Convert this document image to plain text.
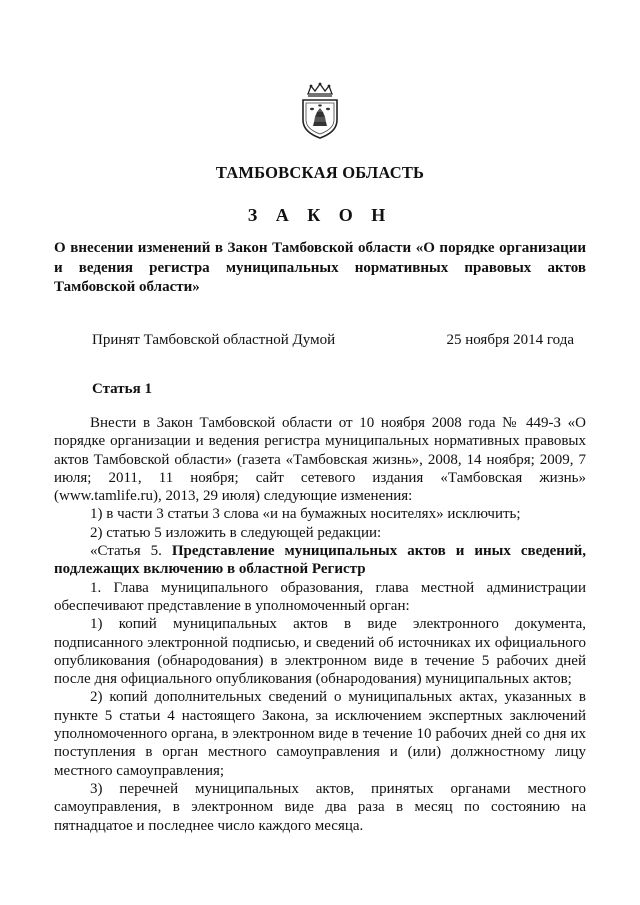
ТАМБОВСКАЯ ОБЛАСТЬ
З А К О Н
О внесении изменений в Закон Тамбовской области «О порядке организации и ведения регистра муниципальных нормативных правовых актов Тамбовской области»
Принят Тамбовской областной Думой	25 ноября 2014 года
Статья 1

Внести в Закон Тамбовской области от 10 ноября 2008 года № 449-З «О порядке организации и ведения регистра муниципальных нормативных правовых актов Тамбовской области» (газета «Тамбовская жизнь», 2008, 14 ноября; 2009, 7 июля; 2011, 11 ноября; сайт сетевого издания «Тамбовская жизнь» (www.tamlife.ru), 2013, 29 июля) следующие изменения:

1) в части 3 статьи 3 слова «и на бумажных носителях» исключить;

2) статью 5 изложить в следующей редакции:

«Статья 5. Представление муниципальных актов и иных сведений, подлежащих включению в областной Регистр

1. Глава муниципального образования, глава местной администрации обеспечивают представление в уполномоченный орган:

1) копий муниципальных актов в виде электронного документа, подписанного электронной подписью, и сведений об источниках их официального опубликования (обнародования) в электронном виде в течение 5 рабочих дней после дня официального опубликования (обнародования) муниципальных актов;

2) копий дополнительных сведений о муниципальных актах, указанных в пункте 5 статьи 4 настоящего Закона, за исключением экспертных заключений уполномоченного органа, в электронном виде в течение 10 рабочих дней со дня их поступления в орган местного самоуправления и (или) должностному лицу местного самоуправления;

3) перечней муниципальных актов, принятых органами местного самоуправления, в электронном виде два раза в месяц по состоянию на пятнадцатое и последнее число каждого месяца.
